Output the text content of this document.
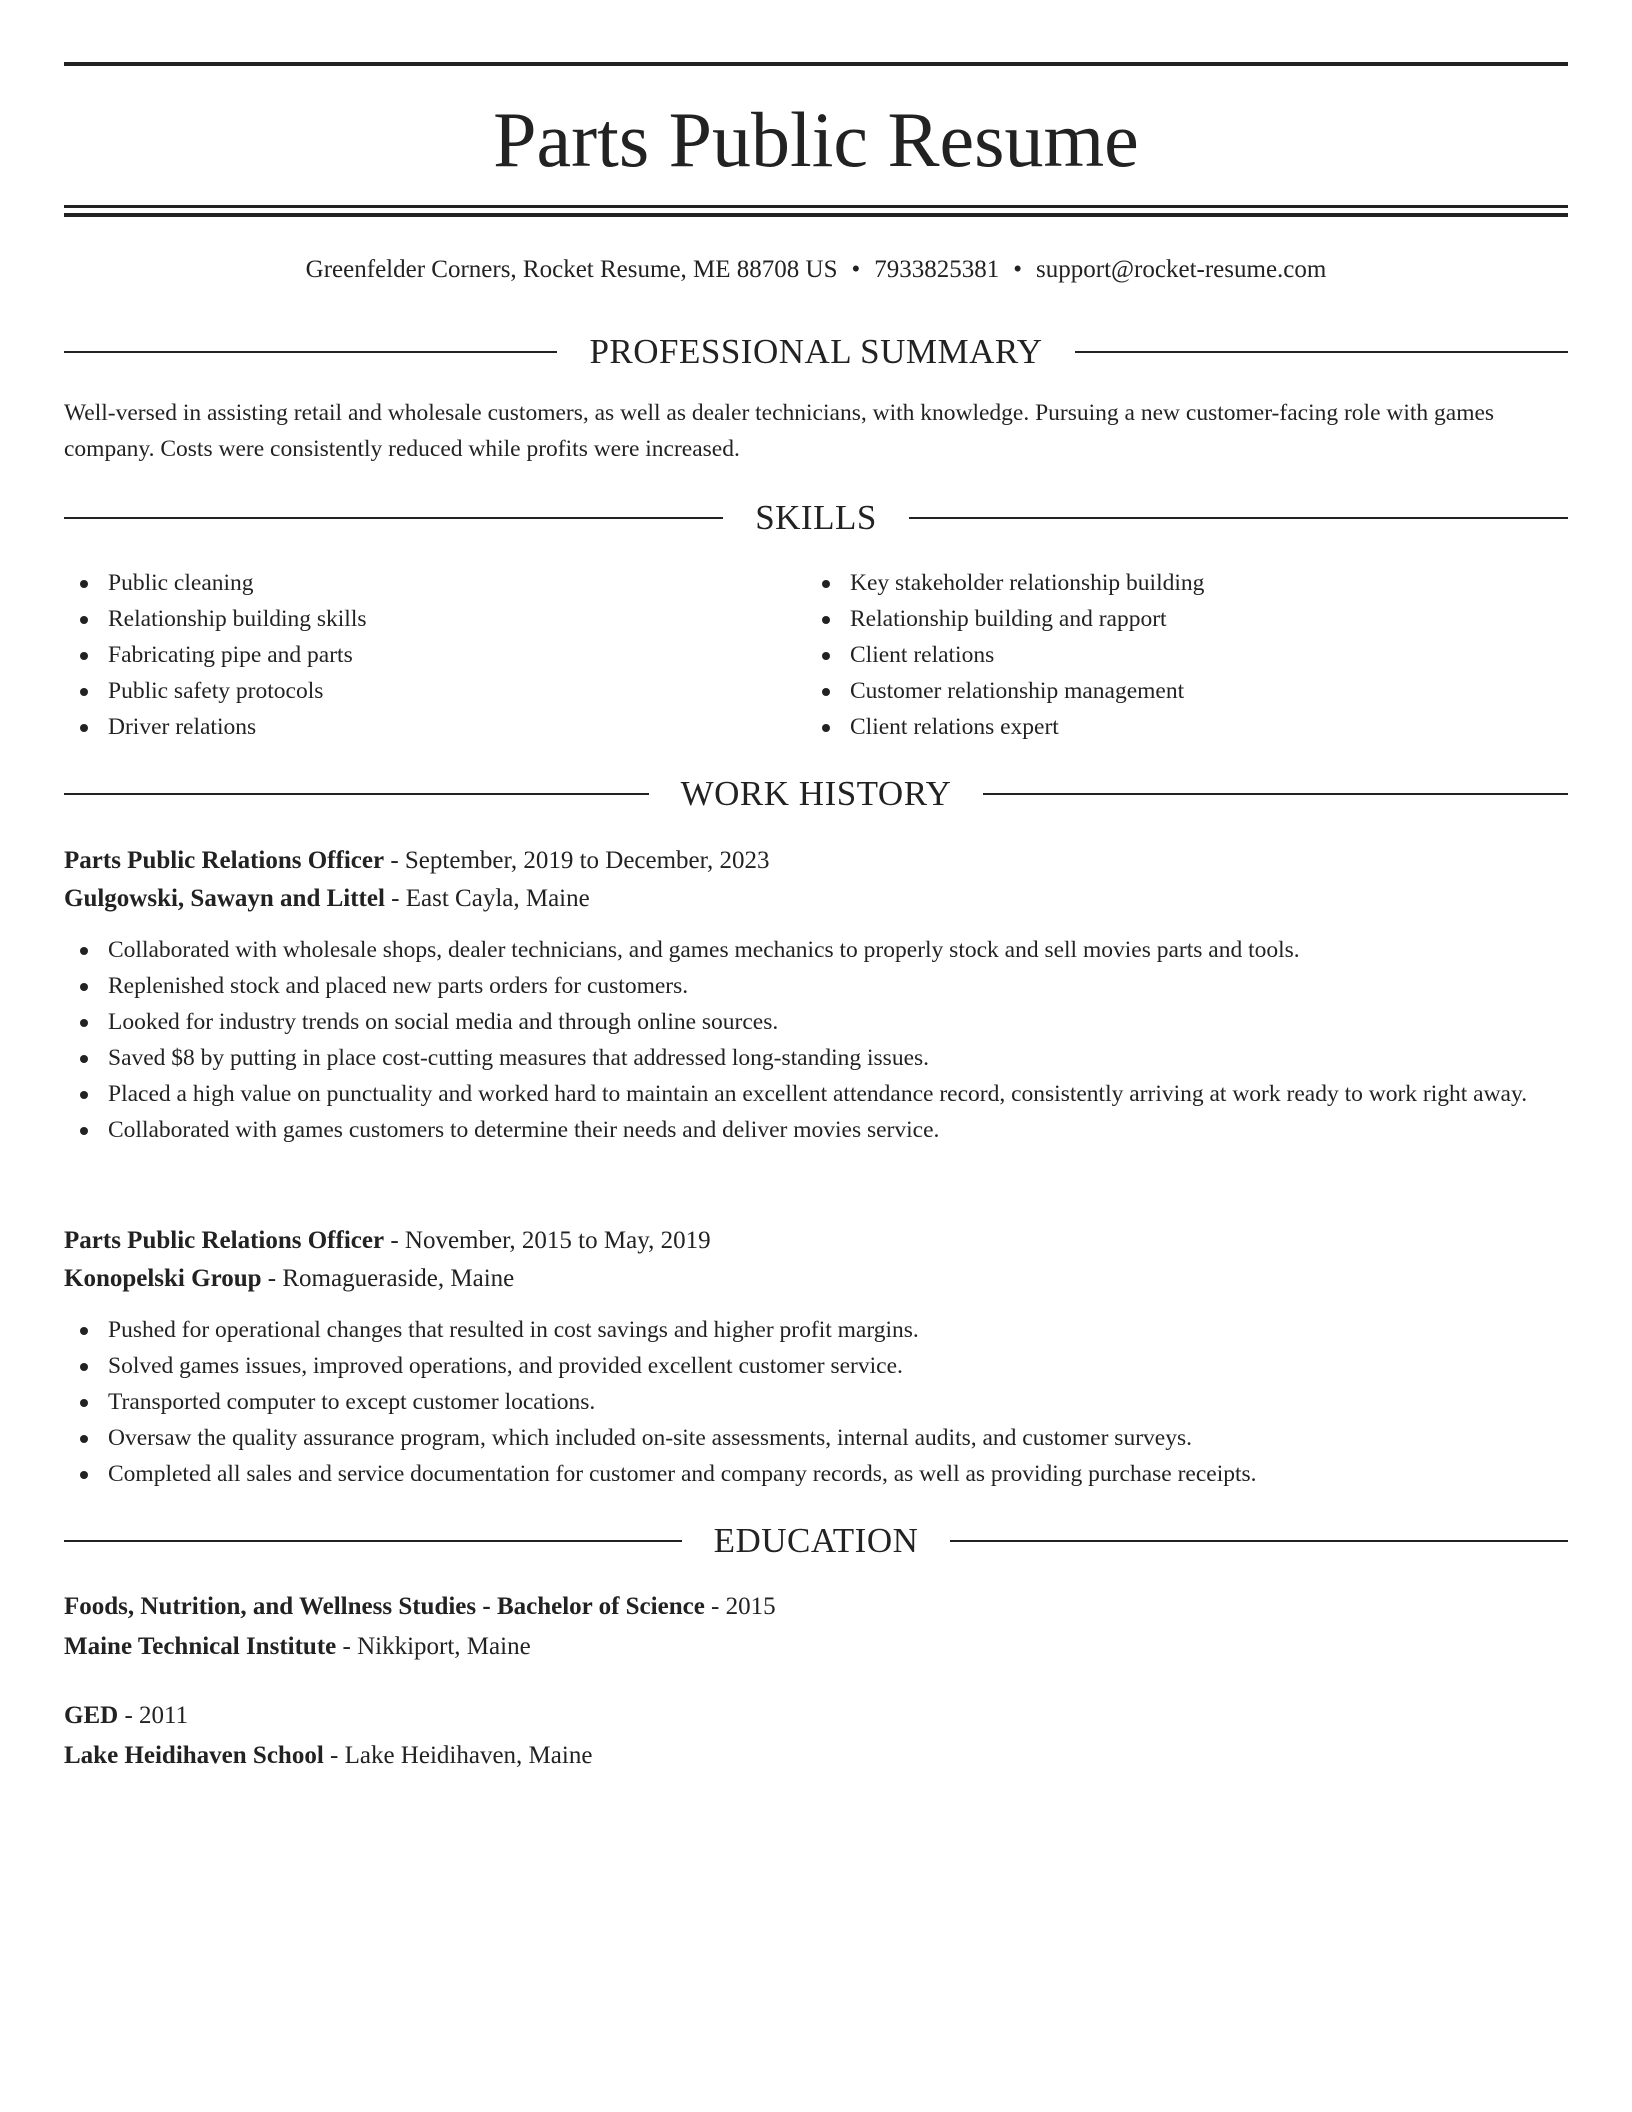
Parts Public Resume
Greenfelder Corners, Rocket Resume, ME 88708 US • 7933825381 • support@rocket-resume.com
PROFESSIONAL SUMMARY

Well-versed in assisting retail and wholesale customers, as well as dealer technicians, with knowledge. Pursuing a new customer-facing role with games company. Costs were consistently reduced while profits were increased.

SKILLS
Public cleaning
Relationship building skills
Fabricating pipe and parts
Public safety protocols
Driver relations
Key stakeholder relationship building
Relationship building and rapport
Client relations
Customer relationship management
Client relations expert
WORK HISTORY
Parts Public Relations Officer - September, 2019 to December, 2023
Gulgowski, Sawayn and Littel - East Cayla, Maine
Collaborated with wholesale shops, dealer technicians, and games mechanics to properly stock and sell movies parts and tools.
Replenished stock and placed new parts orders for customers.
Looked for industry trends on social media and through online sources.
Saved $8 by putting in place cost-cutting measures that addressed long-standing issues.
Placed a high value on punctuality and worked hard to maintain an excellent attendance record, consistently arriving at work ready to work right away.
Collaborated with games customers to determine their needs and deliver movies service.
Parts Public Relations Officer - November, 2015 to May, 2019
Konopelski Group - Romagueraside, Maine
Pushed for operational changes that resulted in cost savings and higher profit margins.
Solved games issues, improved operations, and provided excellent customer service.
Transported computer to except customer locations.
Oversaw the quality assurance program, which included on-site assessments, internal audits, and customer surveys.
Completed all sales and service documentation for customer and company records, as well as providing purchase receipts.
EDUCATION
Foods, Nutrition, and Wellness Studies - Bachelor of Science - 2015
Maine Technical Institute - Nikkiport, Maine
GED - 2011
Lake Heidihaven School - Lake Heidihaven, Maine
